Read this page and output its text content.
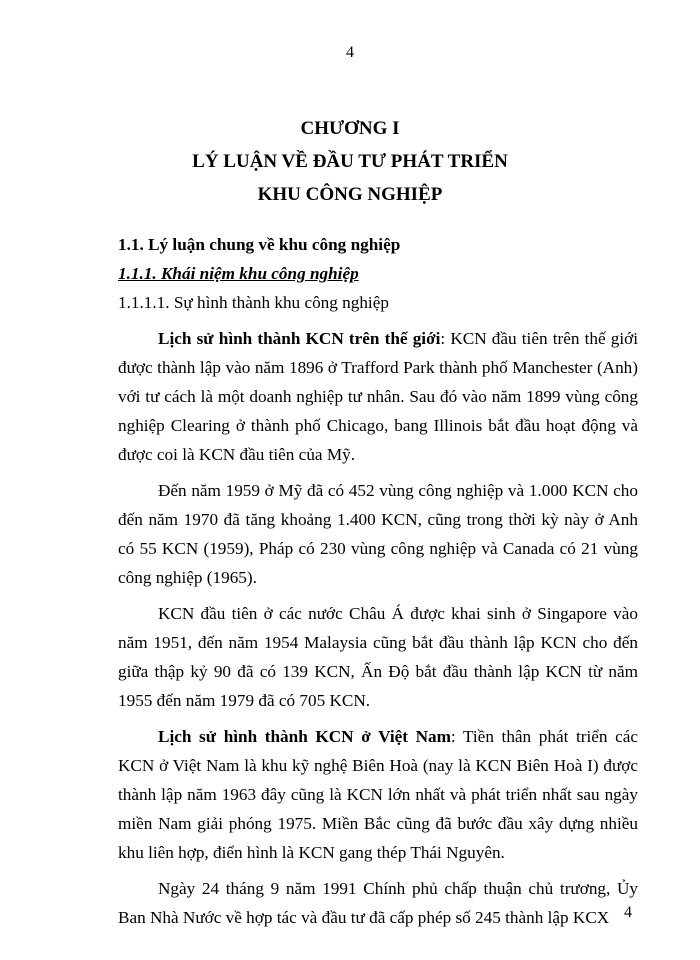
4
CHƯƠNG I
LÝ LUẬN VỀ ĐẦU TƯ PHÁT TRIỂN
KHU CÔNG NGHIỆP

1.1. Lý luận chung về khu công nghiệp

1.1.1. Khái niệm khu công nghiệp

1.1.1.1. Sự hình thành khu công nghiệp

Lịch sử hình thành KCN trên thế giới: KCN đầu tiên trên thế giới được thành lập vào năm 1896 ở Trafford Park thành phố Manchester (Anh) với tư cách là một doanh nghiệp tư nhân. Sau đó vào năm 1899 vùng công nghiệp Clearing ở thành phố Chicago, bang Illinois bắt đầu hoạt động và được coi là KCN đầu tiên của Mỹ.

Đến năm 1959 ở Mỹ đã có 452 vùng công nghiệp và 1.000 KCN cho đến năm 1970 đã tăng khoảng 1.400 KCN, cũng trong thời kỳ này ở Anh có 55 KCN (1959), Pháp có 230 vùng công nghiệp và Canada có 21 vùng công nghiệp (1965).

KCN đầu tiên ở các nước Châu Á được khai sinh ở Singapore vào năm 1951, đến năm 1954 Malaysia cũng bắt đầu thành lập KCN cho đến giữa thập kỷ 90 đã có 139 KCN, Ấn Độ bắt đầu thành lập KCN từ năm 1955 đến năm 1979 đã có 705 KCN.

Lịch sử hình thành KCN ở Việt Nam: Tiền thân phát triển các KCN ở Việt Nam là khu kỹ nghệ Biên Hoà (nay là KCN Biên Hoà I) được thành lập năm 1963 đây cũng là KCN lớn nhất và phát triển nhất sau ngày miền Nam giải phóng 1975. Miền Bắc cũng đã bước đầu xây dựng nhiều khu liên hợp, điển hình là KCN gang thép Thái Nguyên.

Ngày 24 tháng 9 năm 1991 Chính phủ chấp thuận chủ trương, Ủy Ban Nhà Nước về hợp tác và đầu tư đã cấp phép số 245 thành lập KCX 4
